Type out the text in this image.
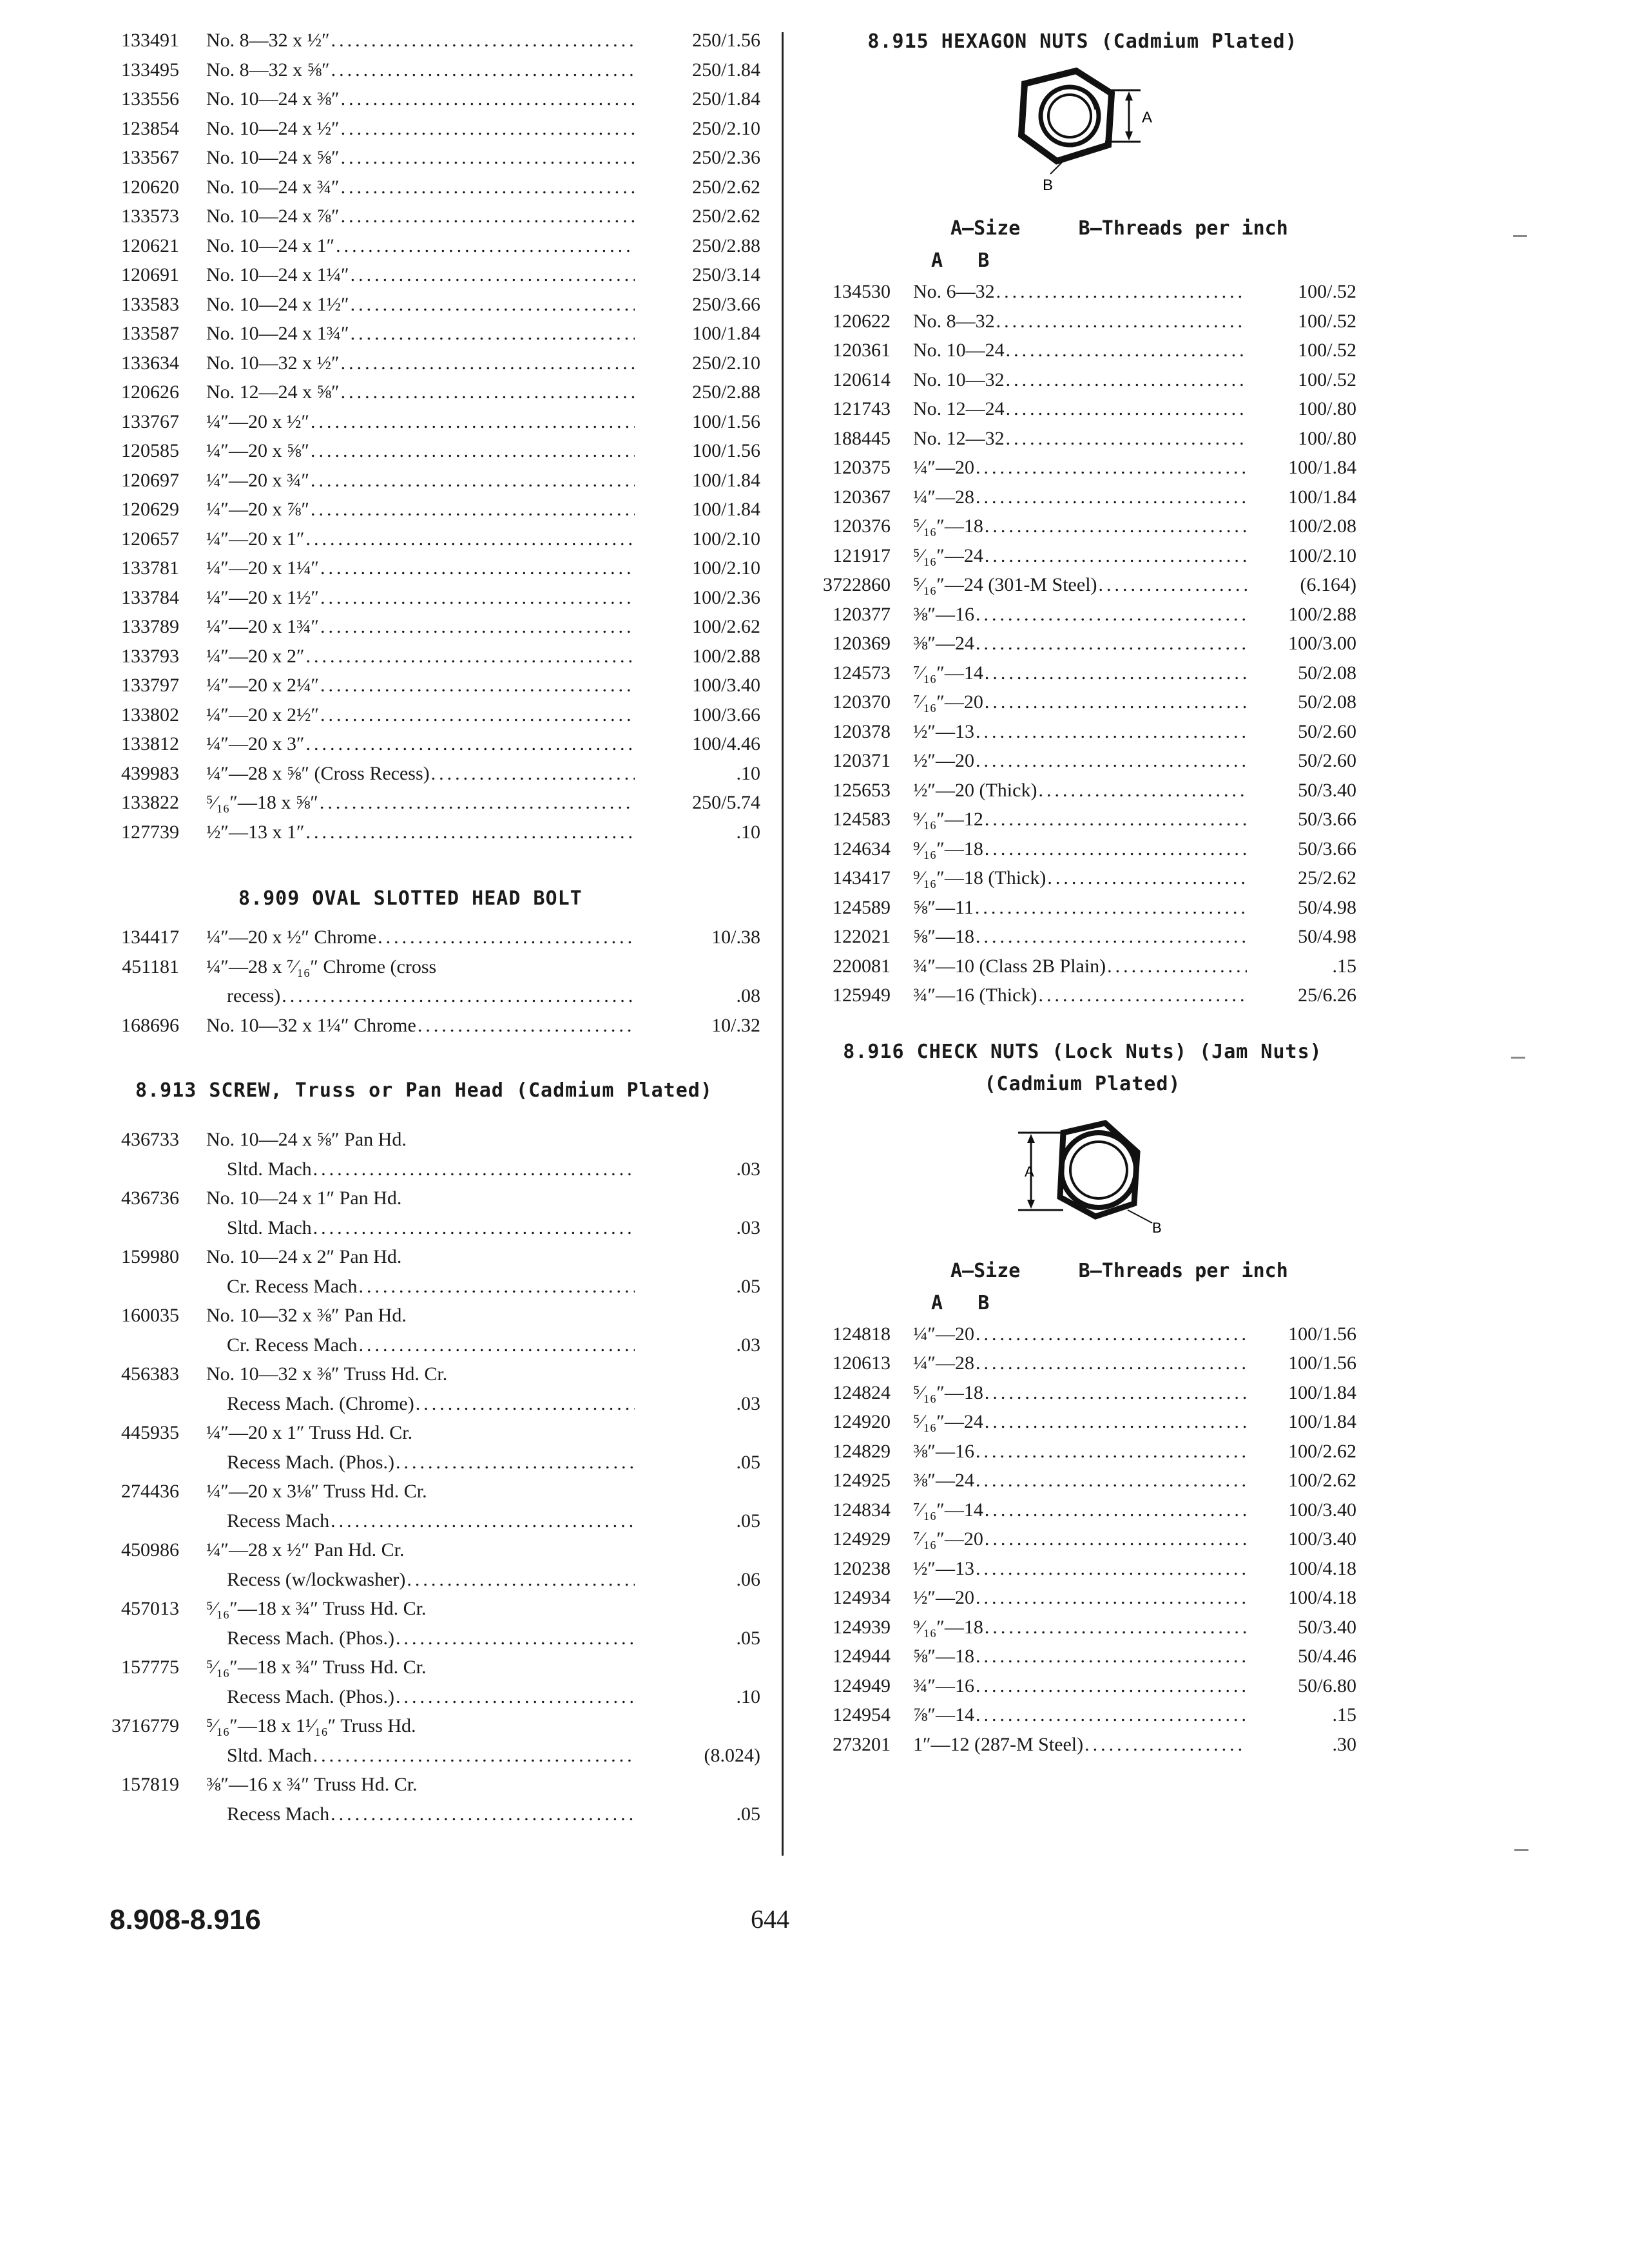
133491 No. 8—32 x ½″ .....	250/1.56
133495 No. 8—32 x ⅝″ .....	250/1.84
133556 No. 10—24 x ⅜″ .....	250/1.84
123854 No. 10—24 x ½″ .....	250/2.10
133567 No. 10—24 x ⅝″ .....	250/2.36
120620 No. 10—24 x ¾″ .....	250/2.62
133573 No. 10—24 x ⅞″ .....	250/2.62
120621 No. 10—24 x 1″ .....	250/2.88
120691 No. 10—24 x 1¼″ .....	250/3.14
133583 No. 10—24 x 1½″ .....	250/3.66
133587 No. 10—24 x 1¾″ .....	100/1.84
133634 No. 10—32 x ½″ .....	250/2.10
120626 No. 12—24 x ⅝″ .....	250/2.88
133767 ¼″—20 x ½″ .....	100/1.56
120585 ¼″—20 x ⅝″ .....	100/1.56
120697 ¼″—20 x ¾″ .....	100/1.84
120629 ¼″—20 x ⅞″ .....	100/1.84
120657 ¼″—20 x 1″ .....	100/2.10
133781 ¼″—20 x 1¼″ .....	100/2.10
133784 ¼″—20 x 1½″ .....	100/2.36
133789 ¼″—20 x 1¾″ .....	100/2.62
133793 ¼″—20 x 2″ .....	100/2.88
133797 ¼″—20 x 2¼″ .....	100/3.40
133802 ¼″—20 x 2½″ .....	100/3.66
133812 ¼″—20 x 3″ .....	100/4.46
439983 ¼″—28 x ⅝″ (Cross Recess) .....	.10
133822 ⁵⁄₁₆″—18 x ⅝″ .....	250/5.74
127739 ½″—13 x 1″ .....	.10
8.909 OVAL SLOTTED HEAD BOLT
134417 ¼″—20 x ½″ Chrome .....	10/.38
451181 ¼″—28 x ⁷⁄₁₆″ Chrome (cross
recess) .....	.08
168696 No. 10—32 x 1¼″ Chrome .....	10/.32
8.913 SCREW, Truss or Pan Head (Cadmium Plated)
436733 No. 10—24 x ⅝″ Pan Hd.
Sltd. Mach .....	.03
436736 No. 10—24 x 1″ Pan Hd.
Sltd. Mach .....	.03
159980 No. 10—24 x 2″ Pan Hd.
Cr. Recess Mach .....	.05
160035 No. 10—32 x ⅜″ Pan Hd.
Cr. Recess Mach .....	.03
456383 No. 10—32 x ⅜″ Truss Hd. Cr.
Recess Mach. (Chrome) .....	.03
445935 ¼″—20 x 1″ Truss Hd. Cr.
Recess Mach. (Phos.) .....	.05
274436 ¼″—20 x 3⅛″ Truss Hd. Cr.
Recess Mach .....	.05
450986 ¼″—28 x ½″ Pan Hd. Cr.
Recess (w/lockwasher) .....	.06
457013 ⁵⁄₁₆″—18 x ¾″ Truss Hd. Cr.
Recess Mach. (Phos.) .....	.05
157775 ⁵⁄₁₆″—18 x ¾″ Truss Hd. Cr.
Recess Mach. (Phos.) .....	.10
3716779 ⁵⁄₁₆″—18 x 1¹⁄₁₆″ Truss Hd.
Sltd. Mach .....	(8.024)
157819 ⅜″—16 x ¾″ Truss Hd. Cr.
Recess Mach .....	.05
8.915 HEXAGON NUTS (Cadmium Plated)
A
B
A—Size     B—Threads per inch
A   B
134530 No. 6—32 .....	100/.52
120622 No. 8—32 .....	100/.52
120361 No. 10—24 .....	100/.52
120614 No. 10—32 .....	100/.52
121743 No. 12—24 .....	100/.80
188445 No. 12—32 .....	100/.80
120375 ¼″—20 .....	100/1.84
120367 ¼″—28 .....	100/1.84
120376 ⁵⁄₁₆″—18 .....	100/2.08
121917 ⁵⁄₁₆″—24 .....	100/2.10
3722860 ⁵⁄₁₆″—24 (301-M Steel) .....	(6.164)
120377 ⅜″—16 .....	100/2.88
120369 ⅜″—24 .....	100/3.00
124573 ⁷⁄₁₆″—14 .....	50/2.08
120370 ⁷⁄₁₆″—20 .....	50/2.08
120378 ½″—13 .....	50/2.60
120371 ½″—20 .....	50/2.60
125653 ½″—20 (Thick) .....	50/3.40
124583 ⁹⁄₁₆″—12 .....	50/3.66
124634 ⁹⁄₁₆″—18 .....	50/3.66
143417 ⁹⁄₁₆″—18 (Thick) .....	25/2.62
124589 ⅝″—11 .....	50/4.98
122021 ⅝″—18 .....	50/4.98
220081 ¾″—10 (Class 2B Plain) .....	.15
125949 ¾″—16 (Thick) .....	25/6.26
8.916 CHECK NUTS (Lock Nuts) (Jam Nuts)
(Cadmium Plated)
A
B
A—Size     B—Threads per inch
A   B
124818 ¼″—20 .....	100/1.56
120613 ¼″—28 .....	100/1.56
124824 ⁵⁄₁₆″—18 .....	100/1.84
124920 ⁵⁄₁₆″—24 .....	100/1.84
124829 ⅜″—16 .....	100/2.62
124925 ⅜″—24 .....	100/2.62
124834 ⁷⁄₁₆″—14 .....	100/3.40
124929 ⁷⁄₁₆″—20 .....	100/3.40
120238 ½″—13 .....	100/4.18
124934 ½″—20 .....	100/4.18
124939 ⁹⁄₁₆″—18 .....	50/3.40
124944 ⅝″—18 .....	50/4.46
124949 ¾″—16 .....	50/6.80
124954 ⅞″—14 .....	.15
273201 1″—12 (287-M Steel) .....	.30
8.908-8.916	644
